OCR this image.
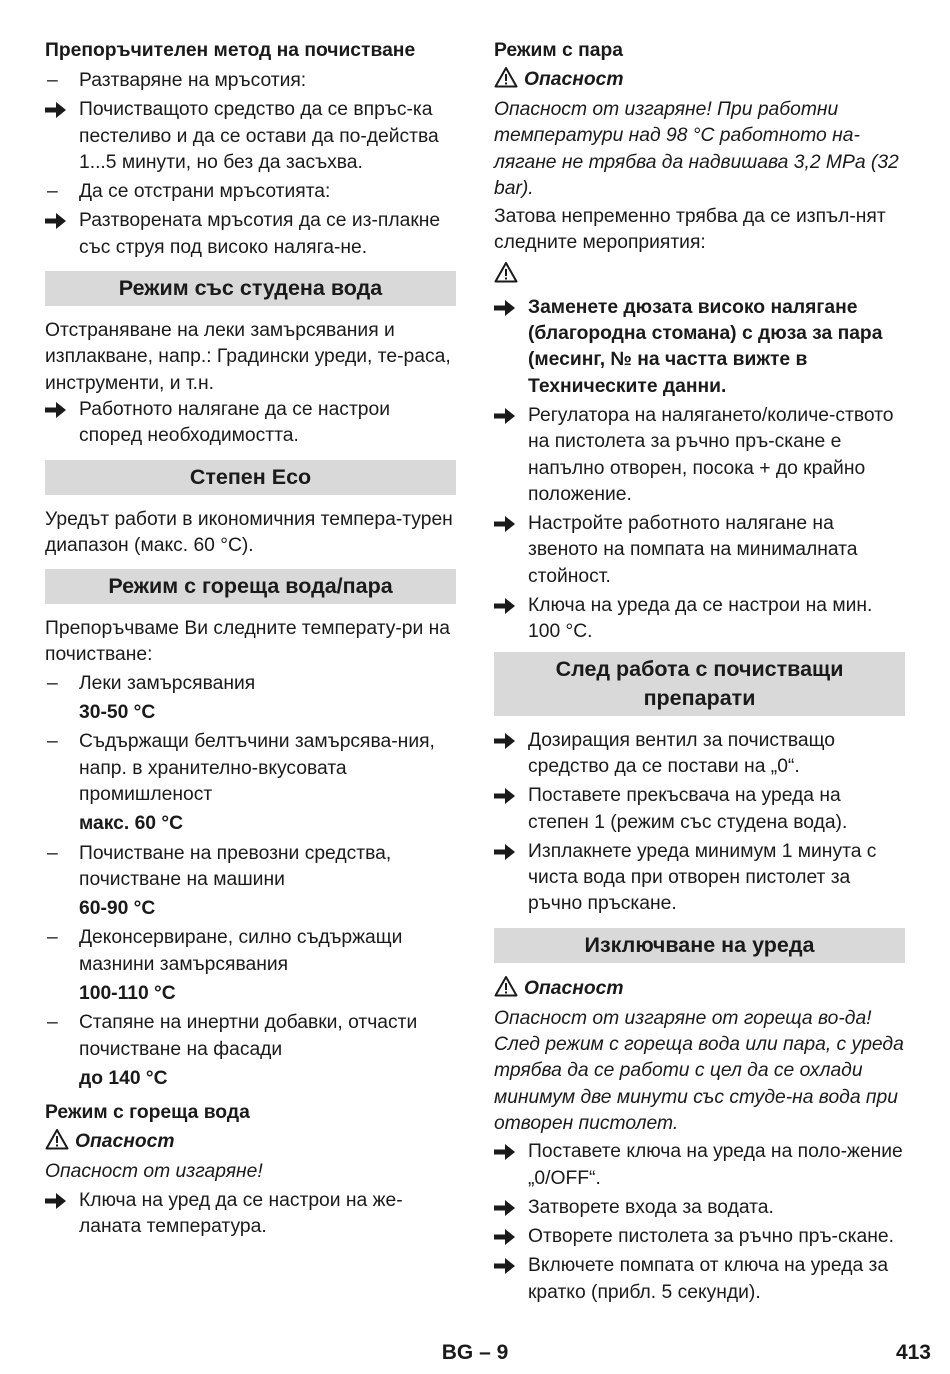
Препоръчителен метод на почистване

–	Разтваряне на мръсотия:
Почистващото средство да се впръс-ка пестеливо и да се остави да по-действа 1...5 минути, но без да засъхва.
–	Да се отстрани мръсотията:
Разтворената мръсотия да се из-плакне със струя под високо наляга-не.
Режим със студена вода

Отстраняване на леки замърсявания и изплакване, напр.: Градински уреди, те-раса, инструменти, и т.н.

Работното налягане да се настрои според необходимостта.
Степен Eco

Уредът работи в икономичния темпера-турен диапазон (макс. 60 °C).

Режим с гореща вода/пара

Препоръчваме Ви следните температу-ри на почистване:

–	Леки замърсявания

30-50 °C

–	Съдържащи белтъчини замърсява-ния, напр. в хранително-вкусовата промишленост

макс. 60 °C

–	Почистване на превозни средства, почистване на машини

60-90 °C

–	Деконсервиране, силно съдържащи мазнини замърсявания

100-110 °C

–	Стапяне на инертни добавки, отчасти почистване на фасади

до 140 °C

Режим с гореща вода

Опасност

Опасност от изгаряне!

Ключа на уред да се настрои на же-ланата температура.

Режим с пара

Опасност

Опасност от изгаряне! При работни температури над 98 °C работното на-лягане не трябва да надвишава 3,2 MPa (32 bar).

Затова непременно трябва да се изпъл-нят следните мероприятия:

Заменете дюзата високо налягане (благородна стомана) с дюза за пара (месинг, № на частта вижте в Техническите данни.
Регулатора на налягането/количе-ството на пистолета за ръчно пръ-скане е напълно отворен, посока + до крайно положение.
Настройте работното налягане на звеното на помпата на минималната стойност.
Ключа на уреда да се настрои на мин. 100 °C.
След работа с почистващи препарати
Дозиращия вентил за почистващо средство да се постави на „0“.
Поставете прекъсвача на уреда на степен 1 (режим със студена вода).
Изплакнете уреда минимум 1 минута с чиста вода при отворен пистолет за ръчно пръскане.
Изключване на уреда
Опасност

Опасност от изгаряне от гореща во-да! След режим с гореща вода или пара, с уреда трябва да се работи с цел да се охлади минимум две минути със студе-на вода при отворен пистолет.

Поставете ключа на уреда на поло-жение „0/OFF“.
Затворете входа за водата.
Отворете пистолета за ръчно пръ-скане.
Включете помпата от ключа на уреда за кратко (прибл. 5 секунди).
BG – 9	413
